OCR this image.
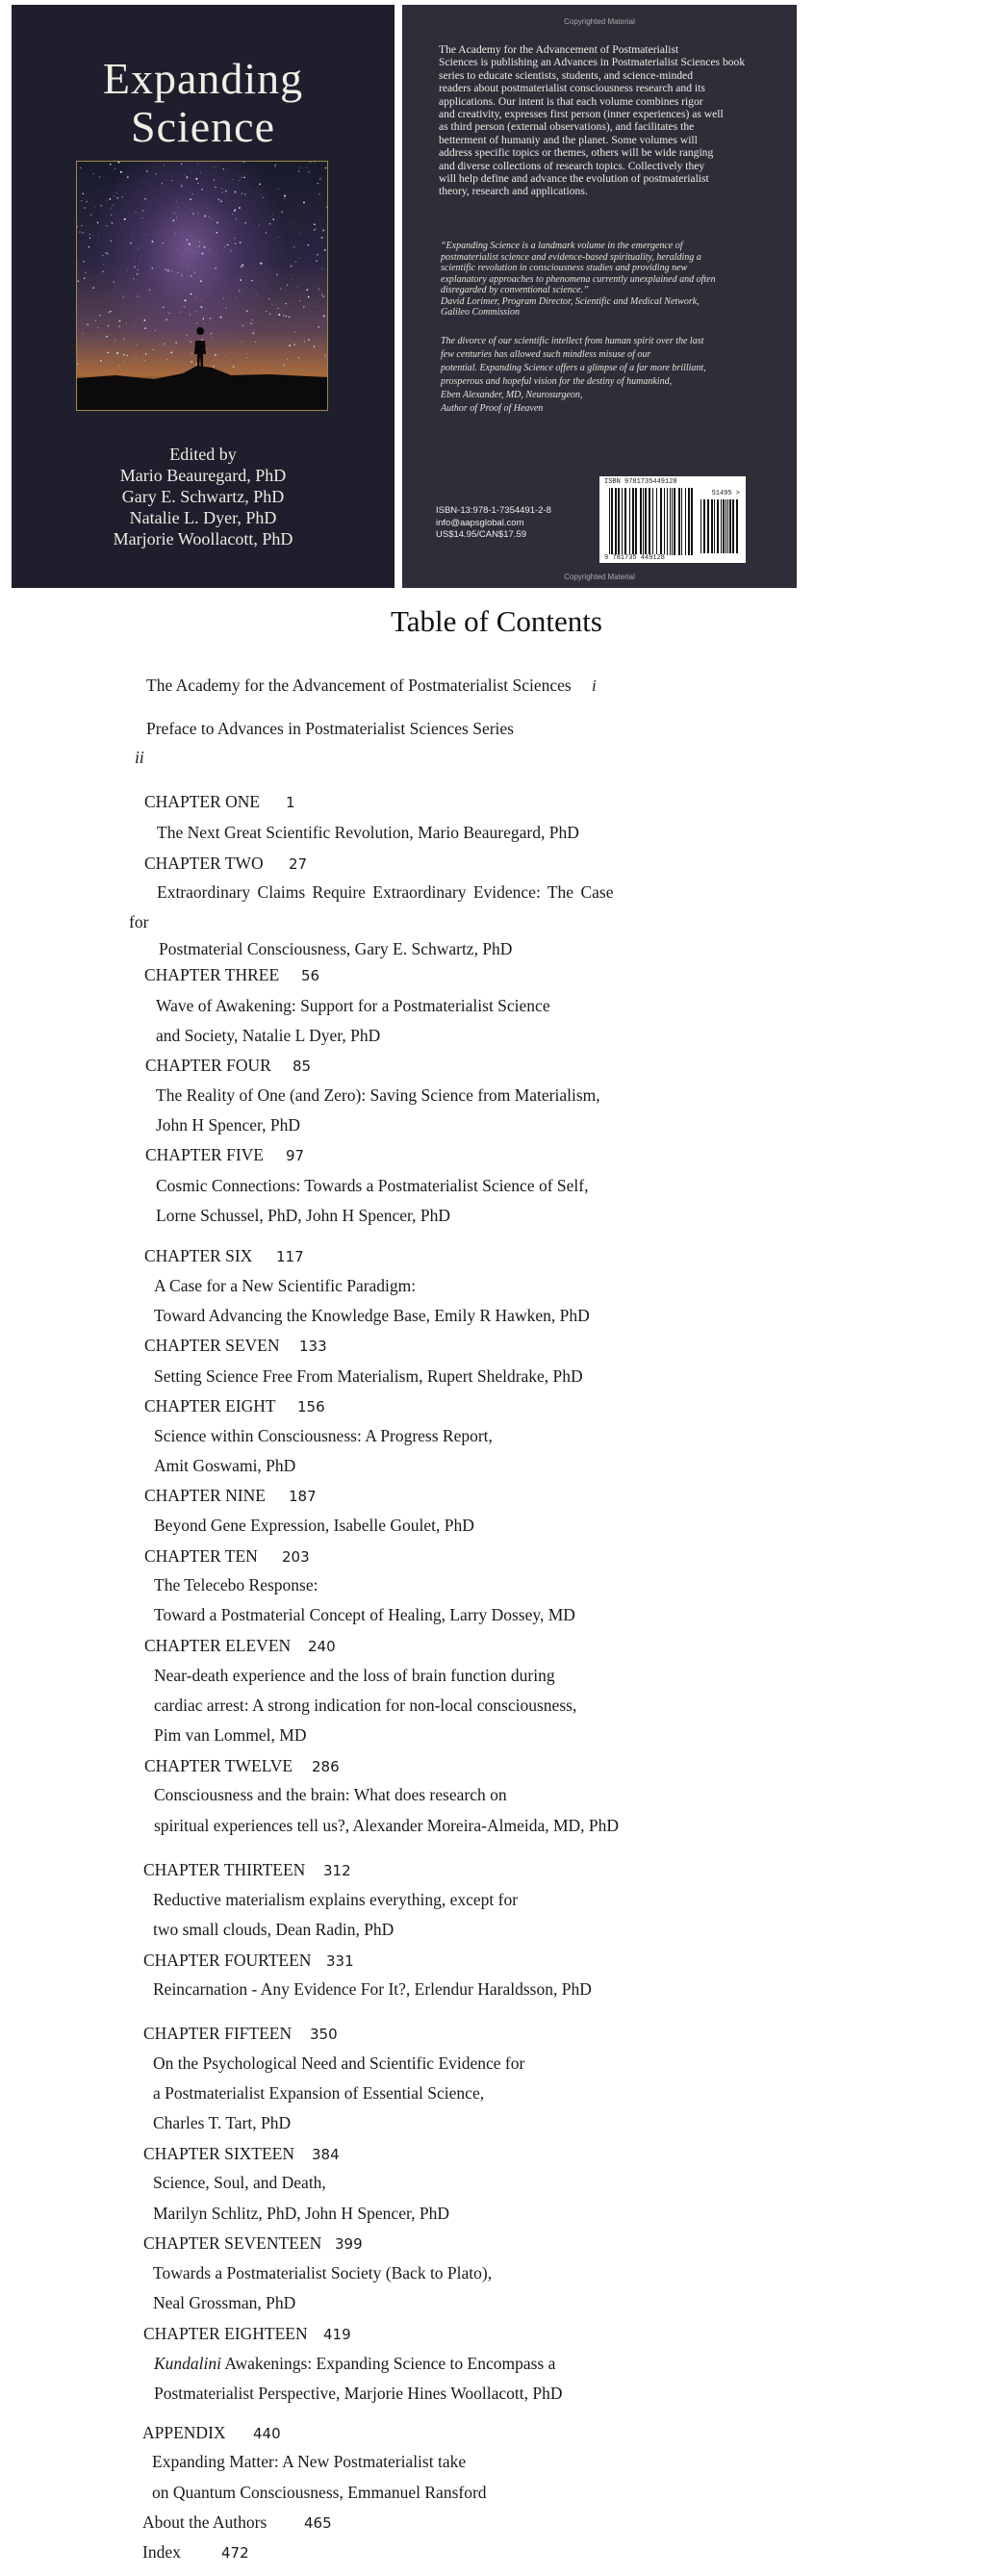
Expanding
Science
Edited by
Mario Beauregard, PhD
Gary E. Schwartz, PhD
Natalie L. Dyer, PhD
Marjorie Woollacott, PhD
Copyrighted Material
The Academy for the Advancement of Postmaterialist
Sciences is publishing an Advances in Postmaterialist Sciences book
series to educate scientists, students, and science-minded
readers about postmaterialist consciousness research and its
applications. Our intent is that each volume combines rigor
and creativity, expresses first person (inner experiences) as well
as third person (external observations), and facilitates the
betterment of humaniy and the planet. Some volumes will
address specific topics or themes, others will be wide ranging
and diverse collections of research topics. Collectively they
will help define and advance the evolution of postmaterialist
theory, research and applications.
“Expanding Science is a landmark volume in the emergence of
postmaterialist science and evidence-based spirituality, heralding a
scientific revolution in consciousness studies and providing new
explanatory approaches to phenomena currently unexplained and often
disregarded by conventional science.”
David Lorimer, Program Director, Scientific and Medical Network,
Galileo Commission
The divorce of our scientific intellect from human spirit over the last
few centuries has allowed such mindless misuse of our
potential. Expanding Science offers a glimpse of a far more brilliant,
prosperous and hopeful vision for the destiny of humankind,
Eben Alexander, MD, Neurosurgeon,
Author of Proof of Heaven
ISBN-13:978-1-7354491-2-8
info@aapsglobal.com
US$14.95/CAN$17.59
ISBN 9781735449128
51495 >
9 781735 449128
Copyrighted Material
Table of Contents
The Academy for the Advancement of Postmaterialist Sciences i
Preface to Advances in Postmaterialist Sciences Series
ii
CHAPTER ONE 1
The Next Great Scientific Revolution, Mario Beauregard, PhD
CHAPTER TWO 27
Extraordinary Claims Require Extraordinary Evidence: The Case
for
Postmaterial Consciousness, Gary E. Schwartz, PhD
CHAPTER THREE 56
Wave of Awakening: Support for a Postmaterialist Science
and Society, Natalie L Dyer, PhD
CHAPTER FOUR 85
The Reality of One (and Zero): Saving Science from Materialism,
John H Spencer, PhD
CHAPTER FIVE 97
Cosmic Connections: Towards a Postmaterialist Science of Self,
Lorne Schussel, PhD, John H Spencer, PhD
CHAPTER SIX 117
A Case for a New Scientific Paradigm:
Toward Advancing the Knowledge Base, Emily R Hawken, PhD
CHAPTER SEVEN 133
Setting Science Free From Materialism, Rupert Sheldrake, PhD
CHAPTER EIGHT 156
Science within Consciousness: A Progress Report,
Amit Goswami, PhD
CHAPTER NINE 187
Beyond Gene Expression, Isabelle Goulet, PhD
CHAPTER TEN 203
The Telecebo Response:
Toward a Postmaterial Concept of Healing, Larry Dossey, MD
CHAPTER ELEVEN 240
Near-death experience and the loss of brain function during
cardiac arrest: A strong indication for non-local consciousness,
Pim van Lommel, MD
CHAPTER TWELVE 286
Consciousness and the brain: What does research on
spiritual experiences tell us?, Alexander Moreira-Almeida, MD, PhD
CHAPTER THIRTEEN 312
Reductive materialism explains everything, except for
two small clouds, Dean Radin, PhD
CHAPTER FOURTEEN 331
Reincarnation - Any Evidence For It?, Erlendur Haraldsson, PhD
CHAPTER FIFTEEN 350
On the Psychological Need and Scientific Evidence for
a Postmaterialist Expansion of Essential Science,
Charles T. Tart, PhD
CHAPTER SIXTEEN 384
Science, Soul, and Death,
Marilyn Schlitz, PhD, John H Spencer, PhD
CHAPTER SEVENTEEN 399
Towards a Postmaterialist Society (Back to Plato),
Neal Grossman, PhD
CHAPTER EIGHTEEN 419
Kundalini Awakenings: Expanding Science to Encompass a
Postmaterialist Perspective, Marjorie Hines Woollacott, PhD
APPENDIX 440
Expanding Matter: A New Postmaterialist take
on Quantum Consciousness, Emmanuel Ransford
About the Authors	465
Index	472
